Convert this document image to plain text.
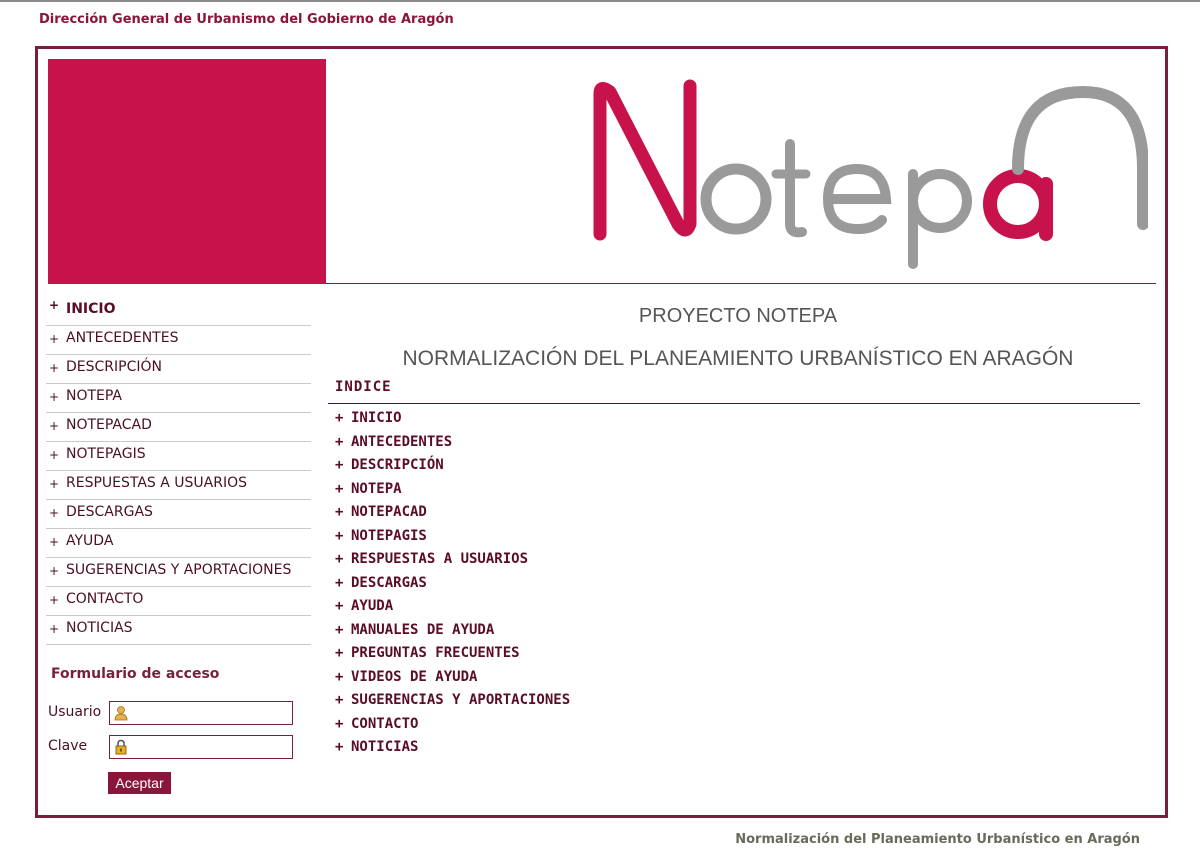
Dirección General de Urbanismo del Gobierno de Aragón
+ INICIO
+ ANTECEDENTES
+ DESCRIPCIÓN
+ NOTEPA
+ NOTEPACAD
+ NOTEPAGIS
+ RESPUESTAS A USUARIOS
+ DESCARGAS
+ AYUDA
+ SUGERENCIAS Y APORTACIONES
+ CONTACTO
+ NOTICIAS
Formulario de acceso
Usuario
Clave
Aceptar
PROYECTO NOTEPA
NORMALIZACIÓN DEL PLANEAMIENTO URBANÍSTICO EN ARAGÓN
INDICE
+ INICIO
+ ANTECEDENTES
+ DESCRIPCIÓN
+ NOTEPA
+ NOTEPACAD
+ NOTEPAGIS
+ RESPUESTAS A USUARIOS
+ DESCARGAS
+ AYUDA
+ MANUALES DE AYUDA
+ PREGUNTAS FRECUENTES
+ VIDEOS DE AYUDA
+ SUGERENCIAS Y APORTACIONES
+ CONTACTO
+ NOTICIAS
Normalización del Planeamiento Urbanístico en Aragón
